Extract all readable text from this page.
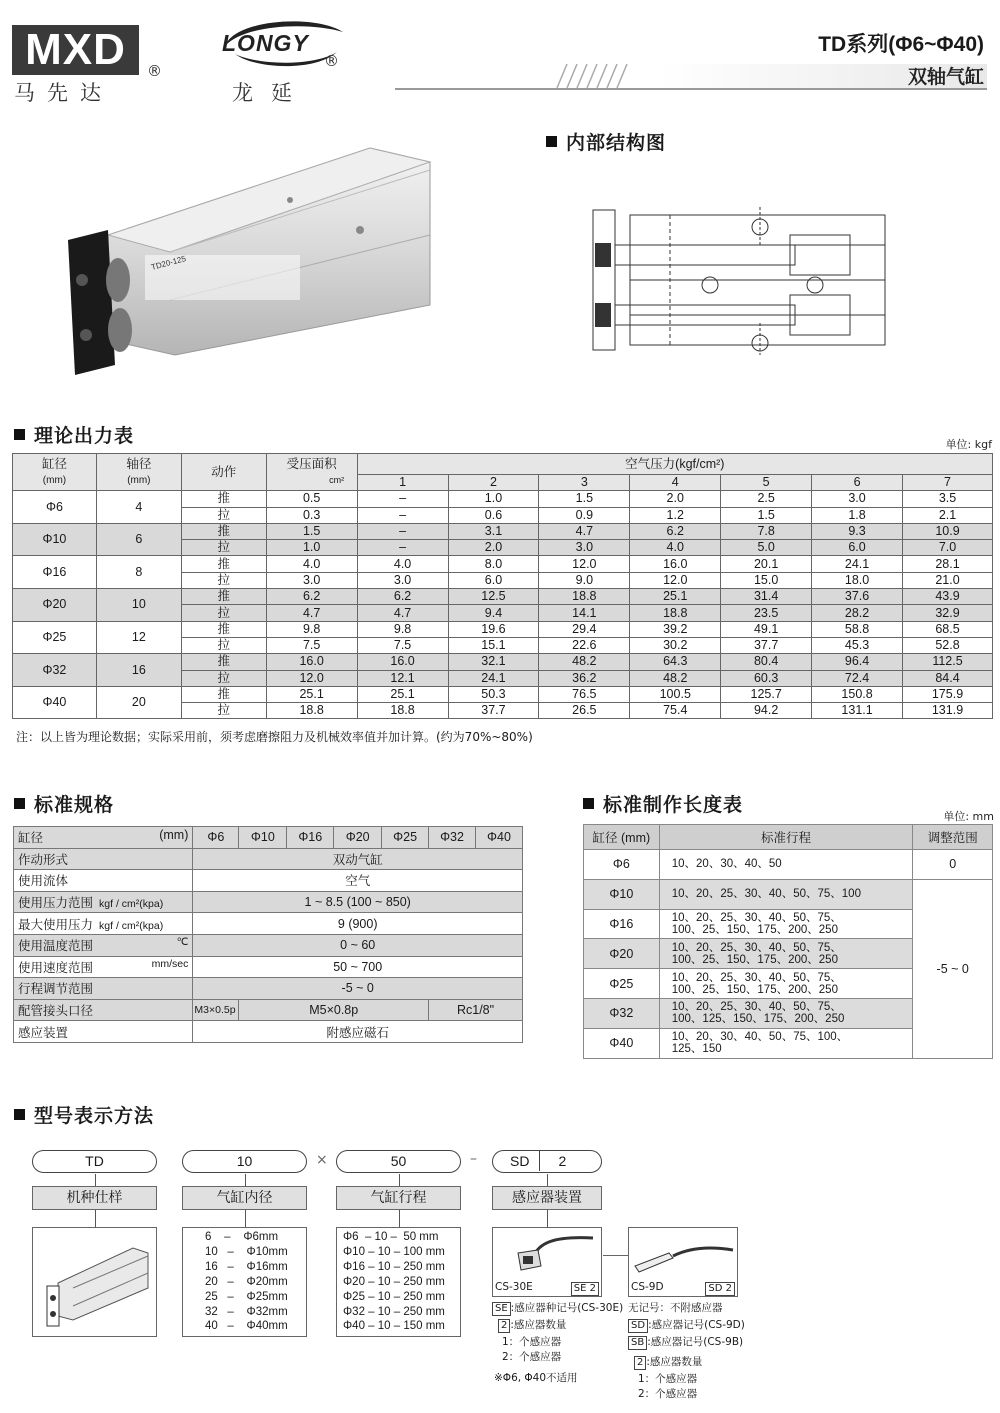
MXD
马先达
®
LONGY
®
龙延
TD系列(Φ6~Φ40)
双轴气缸
TD20-125
内部结构图
理论出力表	单位: kgf
缸径
(mm)	轴径
(mm)	动作	受压面积
cm²	空气压力(kgf/cm²)						
				1	2	3	4	5	6	7
Φ6	4	推	0.5	–	1.0	1.5	2.0	2.5	3.0	3.5
		拉	0.3	–	0.6	0.9	1.2	1.5	1.8	2.1
Φ10	6	推	1.5	–	3.1	4.7	6.2	7.8	9.3	10.9
		拉	1.0	–	2.0	3.0	4.0	5.0	6.0	7.0
Φ16	8	推	4.0	4.0	8.0	12.0	16.0	20.1	24.1	28.1
		拉	3.0	3.0	6.0	9.0	12.0	15.0	18.0	21.0
Φ20	10	推	6.2	6.2	12.5	18.8	25.1	31.4	37.6	43.9
		拉	4.7	4.7	9.4	14.1	18.8	23.5	28.2	32.9
Φ25	12	推	9.8	9.8	19.6	29.4	39.2	49.1	58.8	68.5
		拉	7.5	7.5	15.1	22.6	30.2	37.7	45.3	52.8
Φ32	16	推	16.0	16.0	32.1	48.2	64.3	80.4	96.4	112.5
		拉	12.0	12.1	24.1	36.2	48.2	60.3	72.4	84.4
Φ40	20	推	25.1	25.1	50.3	76.5	100.5	125.7	150.8	175.9
		拉	18.8	18.8	37.7	26.5	75.4	94.2	131.1	131.9
注：以上皆为理论数据；实际采用前，须考虑磨擦阻力及机械效率值并加计算。(约为70%~80%)
标准规格
缸径 (mm)	Φ6	Φ10	Φ16	Φ20	Φ25	Φ32	Φ40
作动形式	双动气缸						
使用流体	空气						
使用压力范围 kgf / cm²(kpa)	1 ~ 8.5 (100 ~ 850)						
最大使用压力 kgf / cm²(kpa)	9 (900)						
使用温度范围 ℃	0 ~ 60						
使用速度范围 mm/sec	50 ~ 700						
行程调节范围	-5 ~ 0						
配管接头口径	M3×0.5p	M5×0.8p				Rc1/8"	
感应装置	附感应磁石						
标准制作长度表
单位: mm
缸径 (mm)	标准行程	调整范围
Φ6	10、20、30、40、50	0
Φ10	10、20、25、30、40、50、75、100	-5 ~ 0
Φ16	10、20、25、30、40、50、75、
100、25、150、175、200、250	
Φ20	10、20、25、30、40、50、75、
100、25、150、175、200、250	
Φ25	10、20、25、30、40、50、75、
100、25、150、175、200、250	
Φ32	10、20、25、30、40、50、75、
100、125、150、175、200、250	
Φ40	10、20、30、40、50、75、100、
125、150	
型号表示方法
TD	10	×	50	–	SD 2
机种仕样	气缸内径	气缸行程	感应器装置
6    –    Φ6mm
10   –    Φ10mm
16   –    Φ16mm
20   –    Φ20mm
25   –    Φ25mm
32   –    Φ32mm
40   –    Φ40mm
Φ6  – 10 –  50 mm
Φ10 – 10 – 100 mm
Φ16 – 10 – 250 mm
Φ20 – 10 – 250 mm
Φ25 – 10 – 250 mm
Φ32 – 10 – 250 mm
Φ40 – 10 – 150 mm
CS-30E	SE 2	CS-9D	SD 2
SE :感应器种记号(CS-30E) 无记号：不附感应器
2 :感应器数量	SD :感应器记号(CS-9D)
1：个感应器	SB :感应器记号(CS-9B)
2：个感应器	2 :感应器数量
※Φ6, Φ40不适用	1：个感应器
2：个感应器
